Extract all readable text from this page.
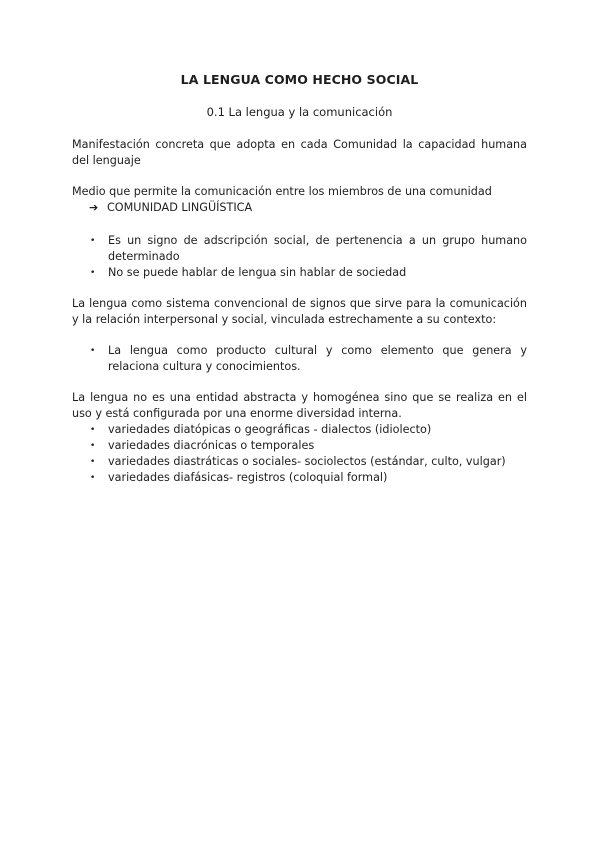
LA LENGUA COMO HECHO SOCIAL
0.1 La lengua y la comunicación

Manifestación concreta que adopta en cada Comunidad la capacidad humana del lenguaje

Medio que permite la comunicación entre los miembros de una comunidad

➔ COMUNIDAD LINGÜÍSTICA
• Es un signo de adscripción social, de pertenencia a un grupo humano determinado
• No se puede hablar de lengua sin hablar de sociedad

La lengua como sistema convencional de signos que sirve para la comunicación y la relación interpersonal y social, vinculada estrechamente a su contexto:

• La lengua como producto cultural y como elemento que genera y relaciona cultura y conocimientos.

La lengua no es una entidad abstracta y homogénea sino que se realiza en el uso y está configurada por una enorme diversidad interna.

• variedades diatópicas o geográficas - dialectos (idiolecto)
• variedades diacrónicas o temporales
• variedades diastráticas o sociales- sociolectos (estándar, culto, vulgar)
• variedades diafásicas- registros (coloquial formal)
